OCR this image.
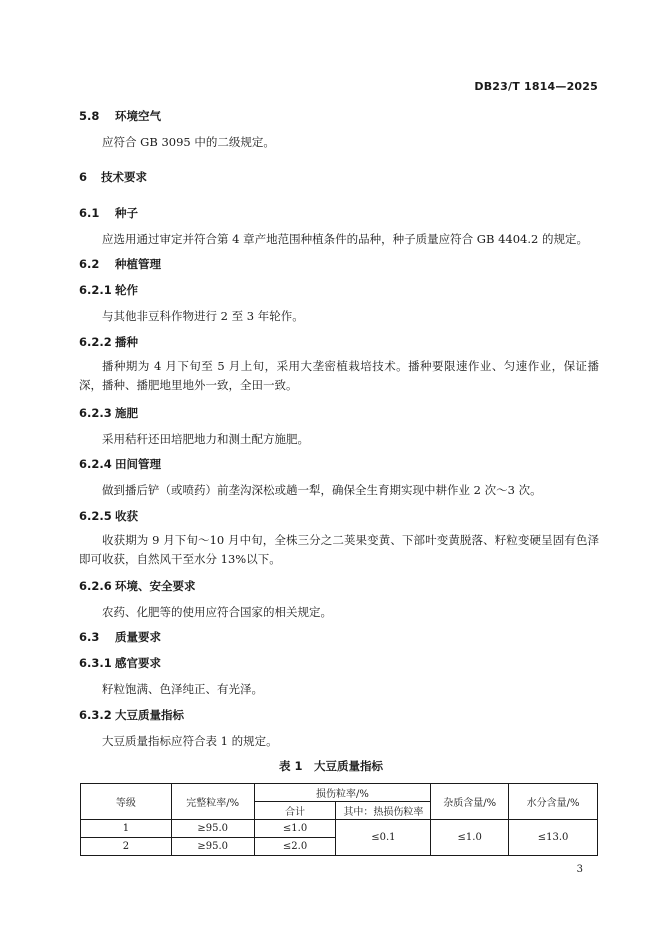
DB23/T 1814—2025
5.8 环境空气
应符合 GB 3095 中的二级规定。
6 技术要求
6.1 种子
应选用通过审定并符合第 4 章产地范围种植条件的品种，种子质量应符合 GB 4404.2 的规定。
6.2 种植管理
6.2.1 轮作
与其他非豆科作物进行 2 至 3 年轮作。
6.2.2 播种
播种期为 4 月下旬至 5 月上旬，采用大垄密植栽培技术。播种要限速作业、匀速作业，保证播深，播种、播肥地里地外一致，全田一致。
6.2.3 施肥
采用秸秆还田培肥地力和测土配方施肥。
6.2.4 田间管理
做到播后铲（或喷药）前垄沟深松或趟一犁，确保全生育期实现中耕作业 2 次～3 次。
6.2.5 收获
收获期为 9 月下旬～10 月中旬，全株三分之二荚果变黄、下部叶变黄脱落、籽粒变硬呈固有色泽即可收获，自然风干至水分 13%以下。
6.2.6 环境、安全要求
农药、化肥等的使用应符合国家的相关规定。
6.3 质量要求
6.3.1 感官要求
籽粒饱满、色泽纯正、有光泽。
6.3.2 大豆质量指标
大豆质量指标应符合表 1 的规定。
表 1　大豆质量指标
等级	完整粒率/%	损伤粒率/%		杂质含量/%	水分含量/%
		合计	其中：热损伤粒率		
1	≥95.0	≤1.0	≤0.1	≤1.0	≤13.0
2	≥95.0	≤2.0			
3
